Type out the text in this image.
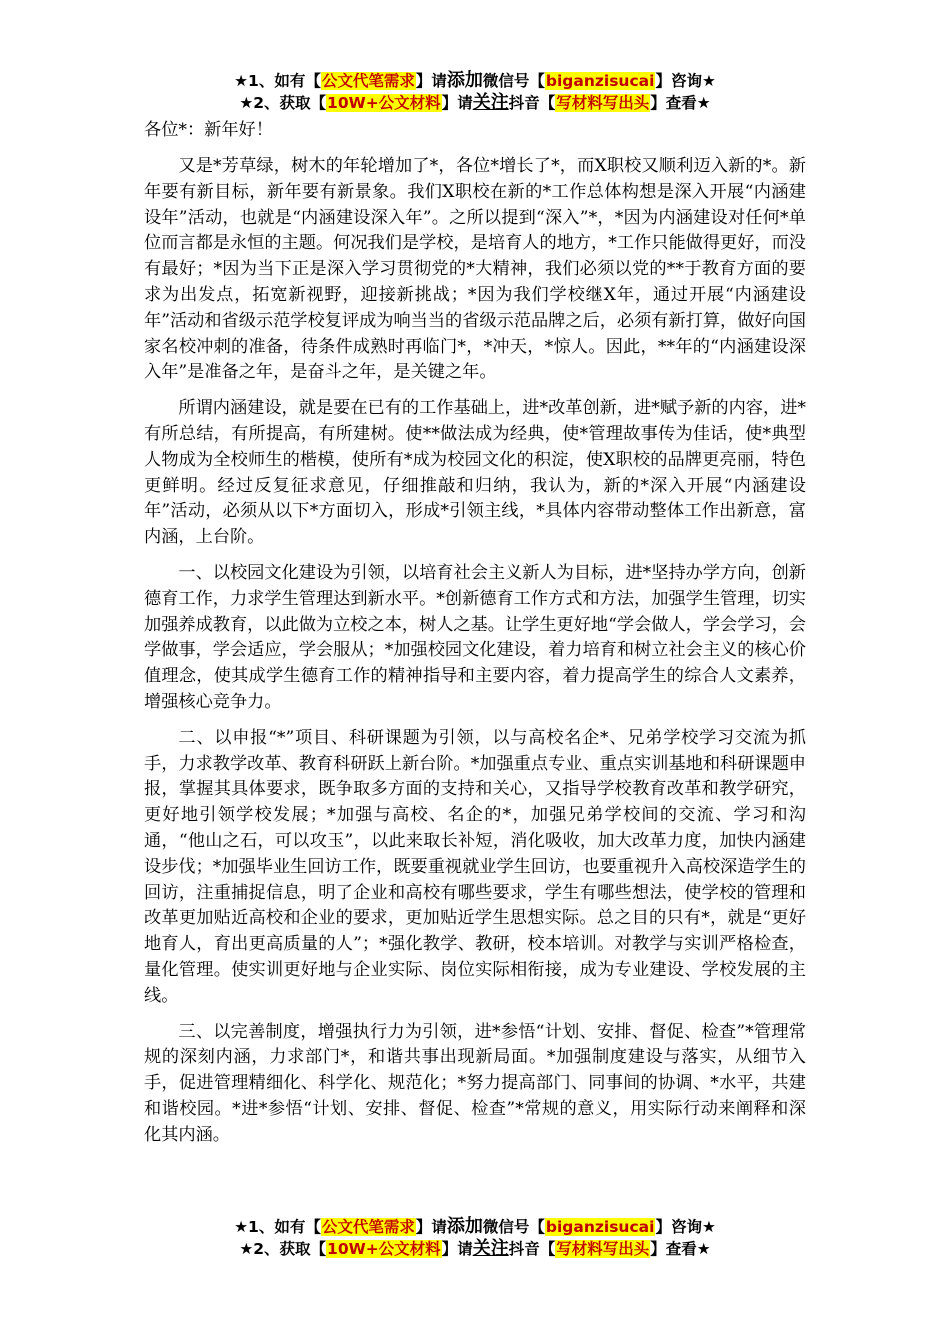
★1、如有【公文代笔需求】请添加微信号【biganzisucai】咨询★
★2、获取【10W+公文材料】请关注抖音【写材料写出头】查看★
各位*：新年好！

又是*芳草绿，树木的年轮增加了*，各位*增长了*，而X职校又顺利迈入新的*。新年要有新目标，新年要有新景象。我们X职校在新的*工作总体构想是深入开展“内涵建设年”活动，也就是“内涵建设深入年”。之所以提到“深入”*，*因为内涵建设对任何*单位而言都是永恒的主题。何况我们是学校，是培育人的地方，*工作只能做得更好，而没有最好；*因为当下正是深入学习贯彻党的*大精神，我们必须以党的**于教育方面的要求为出发点，拓宽新视野，迎接新挑战；*因为我们学校继X年，通过开展“内涵建设年”活动和省级示范学校复评成为响当当的省级示范品牌之后，必须有新打算，做好向国家名校冲刺的准备，待条件成熟时再临门*，*冲天，*惊人。因此，**年的“内涵建设深入年”是准备之年，是奋斗之年，是关键之年。

所谓内涵建设，就是要在已有的工作基础上，进*改革创新，进*赋予新的内容，进*有所总结，有所提高，有所建树。使**做法成为经典，使*管理故事传为佳话，使*典型人物成为全校师生的楷模，使所有*成为校园文化的积淀，使X职校的品牌更亮丽，特色更鲜明。经过反复征求意见，仔细推敲和归纳，我认为，新的*深入开展“内涵建设年”活动，必须从以下*方面切入，形成*引领主线，*具体内容带动整体工作出新意，富内涵，上台阶。

一、以校园文化建设为引领，以培育社会主义新人为目标，进*坚持办学方向，创新德育工作，力求学生管理达到新水平。*创新德育工作方式和方法，加强学生管理，切实加强养成教育，以此做为立校之本，树人之基。让学生更好地“学会做人，学会学习，会学做事，学会适应，学会服从；*加强校园文化建设，着力培育和树立社会主义的核心价值理念，使其成学生德育工作的精神指导和主要内容，着力提高学生的综合人文素养，增强核心竞争力。

二、以申报“*”项目、科研课题为引领，以与高校名企*、兄弟学校学习交流为抓手，力求教学改革、教育科研跃上新台阶。*加强重点专业、重点实训基地和科研课题申报，掌握其具体要求，既争取多方面的支持和关心，又指导学校教育改革和教学研究，更好地引领学校发展；*加强与高校、名企的*，加强兄弟学校间的交流、学习和沟通，“他山之石，可以攻玉”，以此来取长补短，消化吸收，加大改革力度，加快内涵建设步伐；*加强毕业生回访工作，既要重视就业学生回访，也要重视升入高校深造学生的回访，注重捕捉信息，明了企业和高校有哪些要求，学生有哪些想法，使学校的管理和改革更加贴近高校和企业的要求，更加贴近学生思想实际。总之目的只有*，就是“更好地育人，育出更高质量的人”；*强化教学、教研，校本培训。对教学与实训严格检查，量化管理。使实训更好地与企业实际、岗位实际相衔接，成为专业建设、学校发展的主线。

三、以完善制度，增强执行力为引领，进*参悟“计划、安排、督促、检查”*管理常规的深刻内涵，力求部门*，和谐共事出现新局面。*加强制度建设与落实，从细节入手，促进管理精细化、科学化、规范化；*努力提高部门、同事间的协调、*水平，共建和谐校园。*进*参悟“计划、安排、督促、检查”*常规的意义，用实际行动来阐释和深化其内涵。

★1、如有【公文代笔需求】请添加微信号【biganzisucai】咨询★
★2、获取【10W+公文材料】请关注抖音【写材料写出头】查看★
